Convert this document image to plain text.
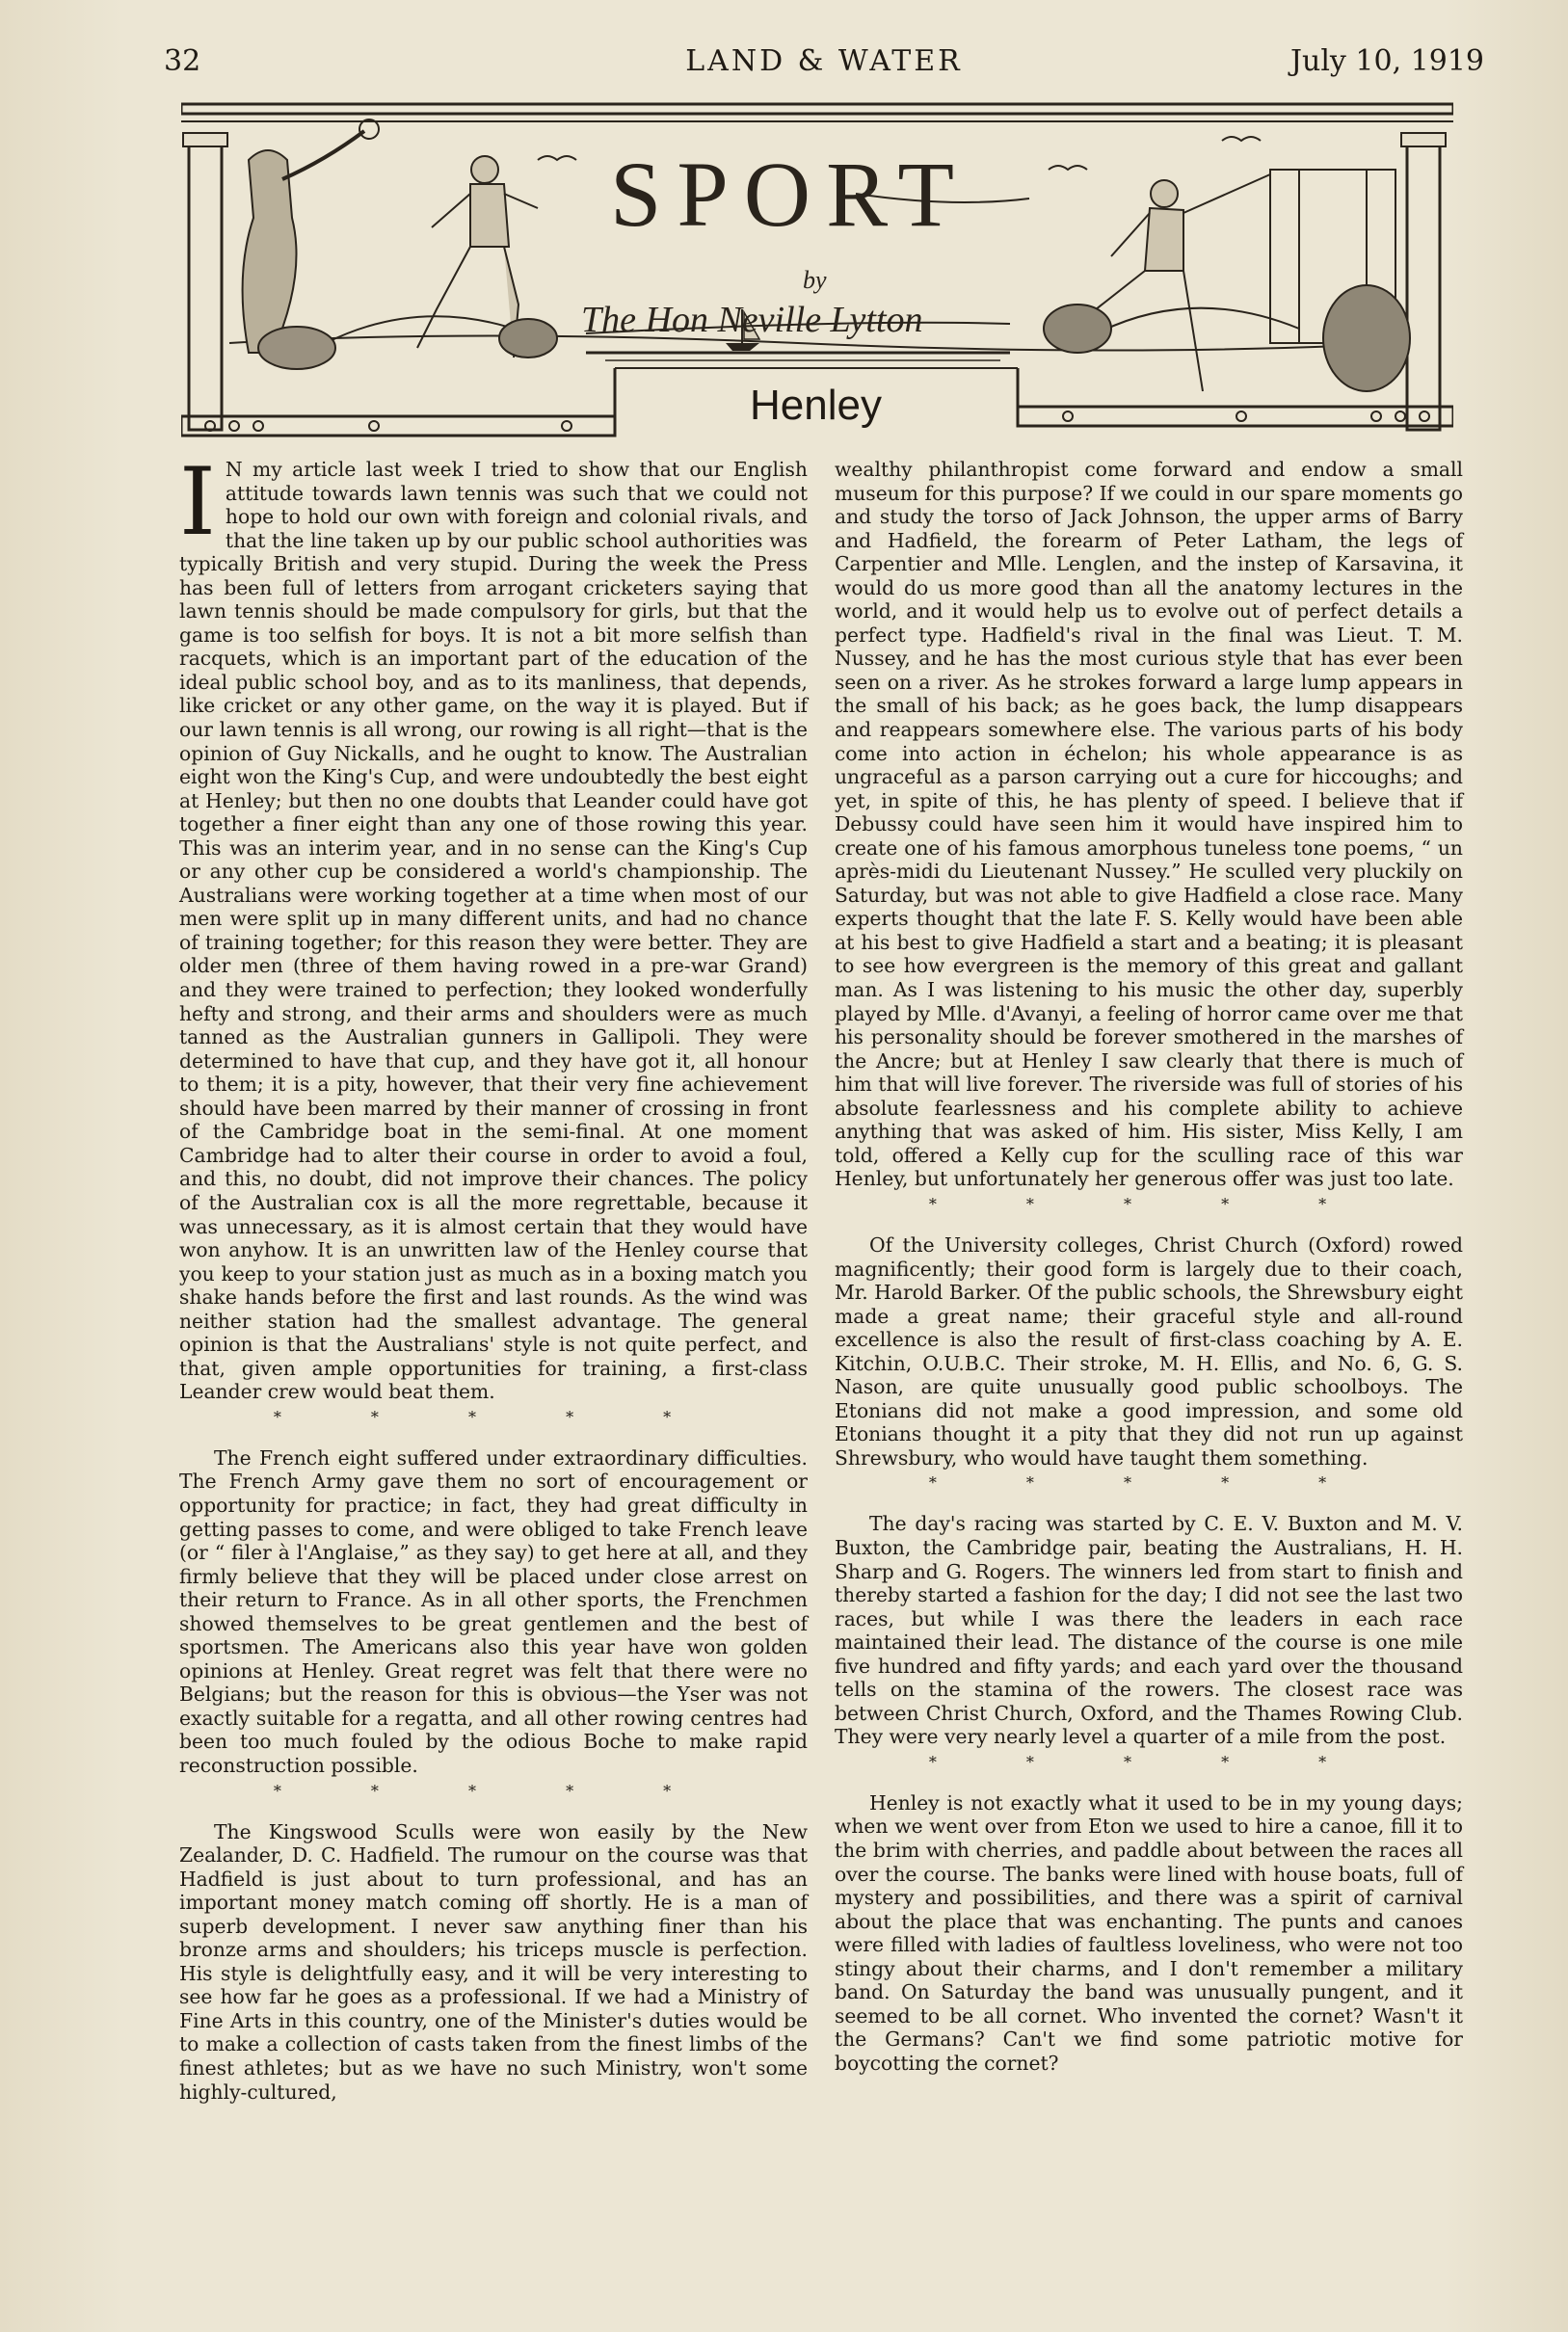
32	LAND & WATER	July 10, 1919
SPORT
by
The Hon Neville Lytton
Henley

I N my article last week I tried to show that our English attitude towards lawn tennis was such that we could not hope to hold our own with foreign and colonial rivals, and that the line taken up by our public school authorities was typically British and very stupid. During the week the Press has been full of letters from arrogant cricketers saying that lawn tennis should be made compulsory for girls, but that the game is too selfish for boys. It is not a bit more selfish than racquets, which is an important part of the education of the ideal public school boy, and as to its manliness, that depends, like cricket or any other game, on the way it is played. But if our lawn tennis is all wrong, our rowing is all right—that is the opinion of Guy Nickalls, and he ought to know. The Australian eight won the King's Cup, and were undoubtedly the best eight at Henley; but then no one doubts that Leander could have got together a finer eight than any one of those rowing this year. This was an interim year, and in no sense can the King's Cup or any other cup be considered a world's championship. The Australians were working together at a time when most of our men were split up in many different units, and had no chance of training together; for this reason they were better. They are older men (three of them having rowed in a pre-war Grand) and they were trained to perfection; they looked wonderfully hefty and strong, and their arms and shoulders were as much tanned as the Australian gunners in Gallipoli. They were determined to have that cup, and they have got it, all honour to them; it is a pity, however, that their very fine achievement should have been marred by their manner of crossing in front of the Cambridge boat in the semi-final. At one moment Cambridge had to alter their course in order to avoid a foul, and this, no doubt, did not improve their chances. The policy of the Australian cox is all the more regrettable, because it was unnecessary, as it is almost certain that they would have won anyhow. It is an unwritten law of the Henley course that you keep to your station just as much as in a boxing match you shake hands before the first and last rounds. As the wind was neither station had the smallest advantage. The general opinion is that the Australians' style is not quite perfect, and that, given ample opportunities for training, a first-class Leander crew would beat them.

* * * * *

The French eight suffered under extraordinary difficulties. The French Army gave them no sort of encouragement or opportunity for practice; in fact, they had great difficulty in getting passes to come, and were obliged to take French leave (or “ filer à l'Anglaise,” as they say) to get here at all, and they firmly believe that they will be placed under close arrest on their return to France. As in all other sports, the Frenchmen showed themselves to be great gentlemen and the best of sportsmen. The Americans also this year have won golden opinions at Henley. Great regret was felt that there were no Belgians; but the reason for this is obvious—the Yser was not exactly suitable for a regatta, and all other rowing centres had been too much fouled by the odious Boche to make rapid reconstruction possible.

* * * * *

The Kingswood Sculls were won easily by the New Zealander, D. C. Hadfield. The rumour on the course was that Hadfield is just about to turn professional, and has an important money match coming off shortly. He is a man of superb development. I never saw anything finer than his bronze arms and shoulders; his triceps muscle is perfection. His style is delightfully easy, and it will be very interesting to see how far he goes as a professional. If we had a Ministry of Fine Arts in this country, one of the Minister's duties would be to make a collection of casts taken from the finest limbs of the finest athletes; but as we have no such Ministry, won't some highly-cultured,

wealthy philanthropist come forward and endow a small museum for this purpose? If we could in our spare moments go and study the torso of Jack Johnson, the upper arms of Barry and Hadfield, the forearm of Peter Latham, the legs of Carpentier and Mlle. Lenglen, and the instep of Karsavina, it would do us more good than all the anatomy lectures in the world, and it would help us to evolve out of perfect details a perfect type. Hadfield's rival in the final was Lieut. T. M. Nussey, and he has the most curious style that has ever been seen on a river. As he strokes forward a large lump appears in the small of his back; as he goes back, the lump disappears and reappears somewhere else. The various parts of his body come into action in échelon; his whole appearance is as ungraceful as a parson carrying out a cure for hiccoughs; and yet, in spite of this, he has plenty of speed. I believe that if Debussy could have seen him it would have inspired him to create one of his famous amorphous tuneless tone poems, “ un après-midi du Lieutenant Nussey.” He sculled very pluckily on Saturday, but was not able to give Hadfield a close race. Many experts thought that the late F. S. Kelly would have been able at his best to give Hadfield a start and a beating; it is pleasant to see how evergreen is the memory of this great and gallant man. As I was listening to his music the other day, superbly played by Mlle. d'Avanyi, a feeling of horror came over me that his personality should be forever smothered in the marshes of the Ancre; but at Henley I saw clearly that there is much of him that will live forever. The riverside was full of stories of his absolute fearlessness and his complete ability to achieve anything that was asked of him. His sister, Miss Kelly, I am told, offered a Kelly cup for the sculling race of this war Henley, but unfortunately her generous offer was just too late.

* * * * *

Of the University colleges, Christ Church (Oxford) rowed magnificently; their good form is largely due to their coach, Mr. Harold Barker. Of the public schools, the Shrewsbury eight made a great name; their graceful style and all-round excellence is also the result of first-class coaching by A. E. Kitchin, O.U.B.C. Their stroke, M. H. Ellis, and No. 6, G. S. Nason, are quite unusually good public schoolboys. The Etonians did not make a good impression, and some old Etonians thought it a pity that they did not run up against Shrewsbury, who would have taught them something.

* * * * *

The day's racing was started by C. E. V. Buxton and M. V. Buxton, the Cambridge pair, beating the Australians, H. H. Sharp and G. Rogers. The winners led from start to finish and thereby started a fashion for the day; I did not see the last two races, but while I was there the leaders in each race maintained their lead. The distance of the course is one mile five hundred and fifty yards; and each yard over the thousand tells on the stamina of the rowers. The closest race was between Christ Church, Oxford, and the Thames Rowing Club. They were very nearly level a quarter of a mile from the post.

* * * * *

Henley is not exactly what it used to be in my young days; when we went over from Eton we used to hire a canoe, fill it to the brim with cherries, and paddle about between the races all over the course. The banks were lined with house boats, full of mystery and possibilities, and there was a spirit of carnival about the place that was enchanting. The punts and canoes were filled with ladies of faultless loveliness, who were not too stingy about their charms, and I don't remember a military band. On Saturday the band was unusually pungent, and it seemed to be all cornet. Who invented the cornet? Wasn't it the Germans? Can't we find some patriotic motive for boycotting the cornet?
